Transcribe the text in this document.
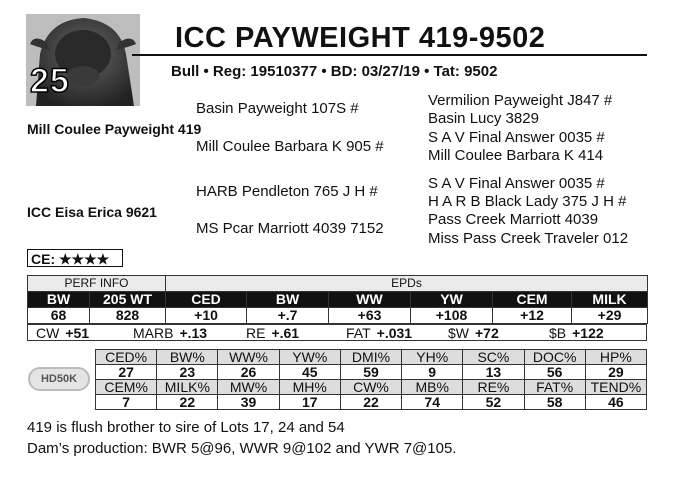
25
ICC PAYWEIGHT 419-9502
Bull • Reg: 19510377 • BD: 03/27/19 • Tat: 9502
Mill Coulee Payweight 419
Basin Payweight 107S #
Mill Coulee Barbara K 905 #
Vermilion Payweight J847 #
Basin Lucy 3829
S A V Final Answer 0035 #
Mill Coulee Barbara K 414
ICC Eisa Erica 9621
HARB Pendleton 765 J H #
MS Pcar Marriott 4039 7152
S A V Final Answer 0035 #
H A R B Black Lady 375 J H #
Pass Creek Marriott 4039
Miss Pass Creek Traveler 012
CE: ★★★★
PERF INFO		EPDs					
BW	205 WT	CED	BW	WW	YW	CEM	MILK
68	828	+10	+.7	+63	+108	+12	+29
CW +51	MARB +.13	RE +.61	FAT +.031	$W +72	$B +122
HD50K
CED%	BW%	WW%	YW%	DMI%	YH%	SC%	DOC%	HP%
27	23	26	45	59	9	13	56	29
CEM%	MILK%	MW%	MH%	CW%	MB%	RE%	FAT%	TEND%
7	22	39	17	22	74	52	58	46
419 is flush brother to sire of Lots 17, 24 and 54
Dam’s production: BWR 5@96, WWR 9@102 and YWR 7@105.
